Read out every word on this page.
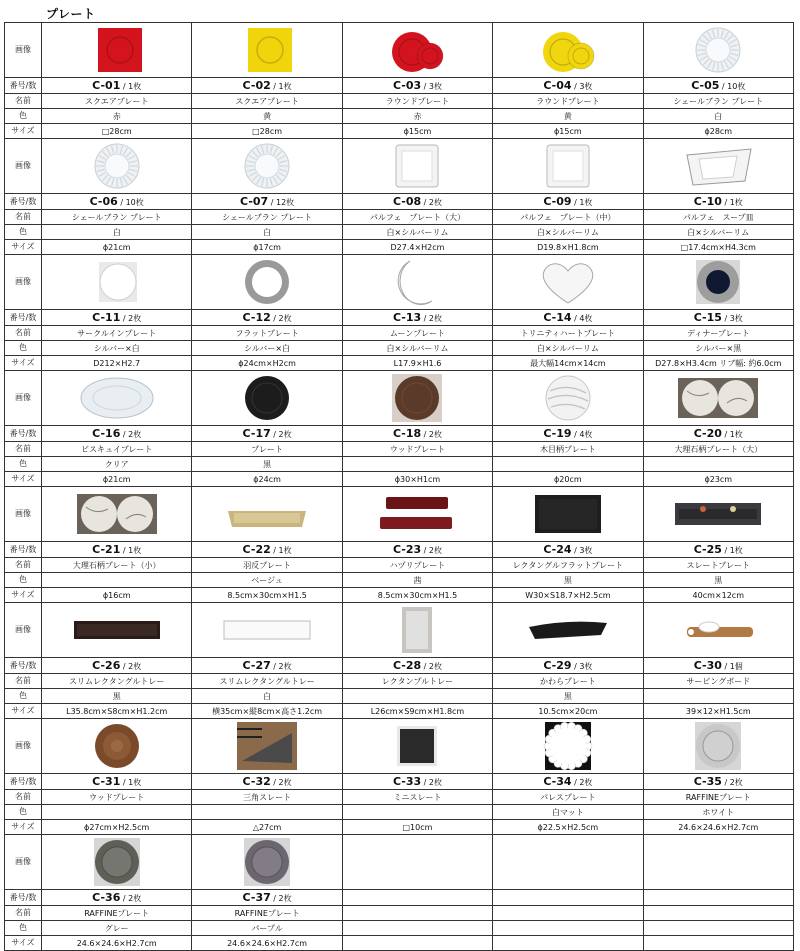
プレート
画像	

番号/数	C-01 / 1枚	C-02 / 1枚	C-03 / 3枚	C-04 / 3枚	C-05 / 10枚
名前	スクエアプレート	スクエアプレート	ラウンドプレート	ラウンドプレート	シェールブラン プレート
色	赤	黄	赤	黄	白
サイズ	□28cm	□28cm	ϕ15cm	ϕ15cm	ϕ28cm
画像	

番号/数	C-06 / 10枚	C-07 / 12枚	C-08 / 2枚	C-09 / 1枚	C-10 / 1枚
名前	シェールブラン プレート	シェールブラン プレート	パルフェ　プレート（大）	パルフェ　プレート（中）	パルフェ　スープ皿
色	白	白	白×シルバーリム	白×シルバーリム	白×シルバーリム
サイズ	ϕ21cm	ϕ17cm	D27.4×H2cm	D19.8×H1.8cm	□17.4cm×H4.3cm
画像	

番号/数	C-11 / 2枚	C-12 / 2枚	C-13 / 2枚	C-14 / 4枚	C-15 / 3枚
名前	サークルインプレート	フラットプレート	ムーンプレート	トリニティハートプレート	ディナープレート
色	シルバー×白	シルバー×白	白×シルバーリム	白×シルバーリム	シルバー×黒
サイズ	D212×H2.7	ϕ24cm×H2cm	L17.9×H1.6	最大幅14cm×14cm	D27.8×H3.4cm リブ幅: 約6.0cm
画像	

番号/数	C-16 / 2枚	C-17 / 2枚	C-18 / 2枚	C-19 / 4枚	C-20 / 1枚
名前	ビスキュイプレート	プレート	ウッドプレート	木目柄プレート	大理石柄プレート（大）
色	クリア	黒			
サイズ	ϕ21cm	ϕ24cm	ϕ30×H1cm	ϕ20cm	ϕ23cm
画像	

番号/数	C-21 / 1枚	C-22 / 1枚	C-23 / 2枚	C-24 / 3枚	C-25 / 1枚
名前	大理石柄プレート（小）	羽反プレート	ハヅリプレート	レクタングルフラットプレート	スレートプレート
色		ベージュ	茜	黒	黒
サイズ	ϕ16cm	8.5cm×30cm×H1.5	8.5cm×30cm×H1.5	W30×S18.7×H2.5cm	40cm×12cm
画像	

番号/数	C-26 / 2枚	C-27 / 2枚	C-28 / 2枚	C-29 / 3枚	C-30 / 1個
名前	スリムレクタングルトレー	スリムレクタングルトレー	レクタンプルトレー	かわらプレート	サービングボード
色	黒	白		黒	
サイズ	L35.8cm×S8cm×H1.2cm	横35cm×縦8cm×高さ1.2cm	L26cm×S9cm×H1.8cm	10.5cm×20cm	39×12×H1.5cm
画像	

番号/数	C-31 / 1枚	C-32 / 2枚	C-33 / 2枚	C-34 / 2枚	C-35 / 2枚
名前	ウッドプレート	三角スレート	ミニスレート	パレスプレート	RAFFINEプレート
色				白マット	ホワイト
サイズ	ϕ27cm×H2.5cm	△27cm	□10cm	ϕ22.5×H2.5cm	24.6×24.6×H2.7cm
画像	

番号/数	C-36 / 2枚	C-37 / 2枚			
名前	RAFFINEプレート	RAFFINEプレート			
色	グレー	パープル			
サイズ	24.6×24.6×H2.7cm	24.6×24.6×H2.7cm			
